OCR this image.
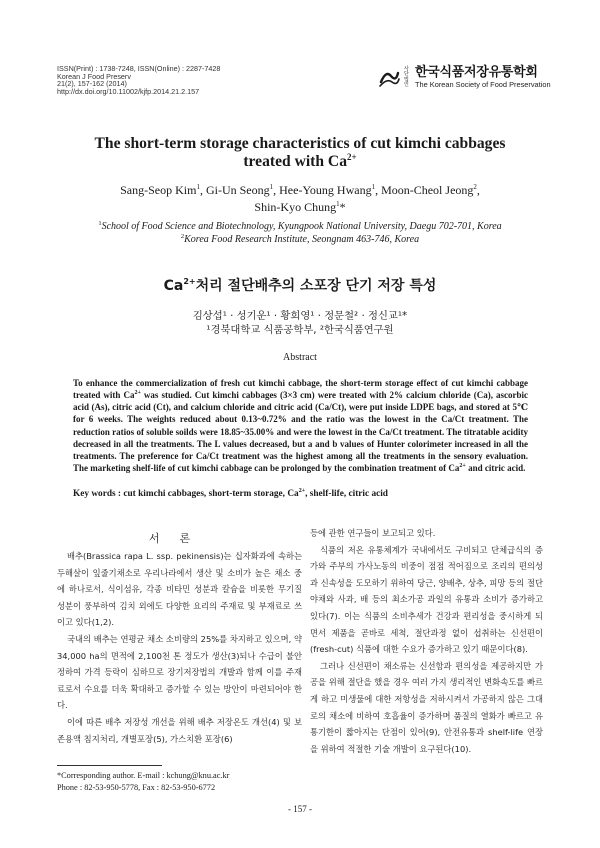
ISSN(Print) : 1738-7248, ISSN(Online) : 2287-7428
Korean J Food Preserv
21(2), 157-162 (2014)
http://dx.doi.org/10.11002/kjfp.2014.21.2.157
사단법인
한국식품저장유통학회
The Korean Society of Food Preservation
The short-term storage characteristics of cut kimchi cabbages
treated with $Ca^{2+}$
Sang-Seop Kim$^1$, Gi-Un Seong$^1$, Hee-Young Hwang$^1$, Moon-Cheol Jeong$^2$,
Shin-Kyo Chung$^1$*
$^1$School of Food Science and Biotechnology, Kyungpook National University, Daegu 702-701, Korea
$^2$Korea Food Research Institute, Seongnam 463-746, Korea
$Ca^{2+}$처리 절단배추의 소포장 단기 저장 특성
김상섭¹ · 성기운¹ · 황희영¹ · 정문철² · 정신교¹*
¹경북대학교 식품공학부, ²한국식품연구원
Abstract
To enhance the commercialization of fresh cut kimchi cabbage, the short-term storage effect of cut kimchi cabbage treated with $Ca^{2+}$ was studied. Cut kimchi cabbages (3×3 cm) were treated with 2% calcium chloride (Ca), ascorbic acid (As), citric acid (Ct), and calcium chloride and citric acid (Ca/Ct), were put inside LDPE bags, and stored at 5℃ for 6 weeks. The weights reduced about 0.13~0.72% and the ratio was the lowest in the Ca/Ct treatment. The reduction ratios of soluble soilds were 18.85~35.00% and were the lowest in the Ca/Ct treatment. The titratable acidity decreased in all the treatments. The L values decreased, but a and b values of Hunter colorimeter increased in all the treatments. The preference for Ca/Ct treatment was the highest among all the treatments in the sensory evaluation. The marketing shelf-life of cut kimchi cabbage can be prolonged by the combination treatment of $Ca^{2+}$ and citric acid.
Key words : cut kimchi cabbages, short-term storage, $Ca^{2+}$, shelf-life, citric acid
서론

배추(Brassica rapa L. ssp. pekinensis)는 십자화과에 속하는 두해살이 잎줄기채소로 우리나라에서 생산 및 소비가 높은 채소 중에 하나로서, 식이섬유, 각종 비타민 성분과 칼슘을 비롯한 무기질 성분이 풍부하여 김치 외에도 다양한 요리의 주재료 및 부재료로 쓰이고 있다(1,2).

국내의 배추는 연평균 채소 소비량의 25%를 차지하고 있으며, 약 34,000 ha의 면적에 2,100천 톤 정도가 생산(3)되나 수급이 불안정하여 가격 등락이 심하므로 장기저장법의 개발과 함께 이를 주재료로서 수요를 더욱 확대하고 증가할 수 있는 방안이 마련되어야 한다.

이에 따른 배추 저장성 개선을 위해 배추 저장온도 개선(4) 및 보존용액 침지처리, 개별포장(5), 가스치환 포장(6)

등에 관한 연구들이 보고되고 있다.

식품의 저온 유통체계가 국내에서도 구비되고 단체급식의 증가와 주부의 가사노동의 비중이 점점 적어짐으로 조리의 편의성과 신속성을 도모하기 위하여 당근, 양배추, 상추, 피망 등의 절단야채와 사과, 배 등의 최소가공 과일의 유통과 소비가 증가하고 있다(7). 이는 식품의 소비추세가 건강과 편리성을 중시하게 되면서 제품을 곧바로 세척, 절단과정 없이 섭취하는 신선편이(fresh-cut) 식품에 대한 수요가 증가하고 있기 때문이다(8).

그러나 신선편이 채소류는 신선함과 편의성을 제공하지만 가공을 위해 절단을 했을 경우 여러 가지 생리적인 변화속도를 빠르게 하고 미생물에 대한 저항성을 저하시켜서 가공하지 않은 그대로의 채소에 비하여 호흡율이 증가하며 품질의 열화가 빠르고 유통기한이 짧아지는 단점이 있어(9), 안전유통과 shelf-life 연장을 위하여 적절한 기술 개발이 요구된다(10).

*Corresponding author. E-mail : kchung@knu.ac.kr
Phone : 82-53-950-5778, Fax : 82-53-950-6772
- 157 -
